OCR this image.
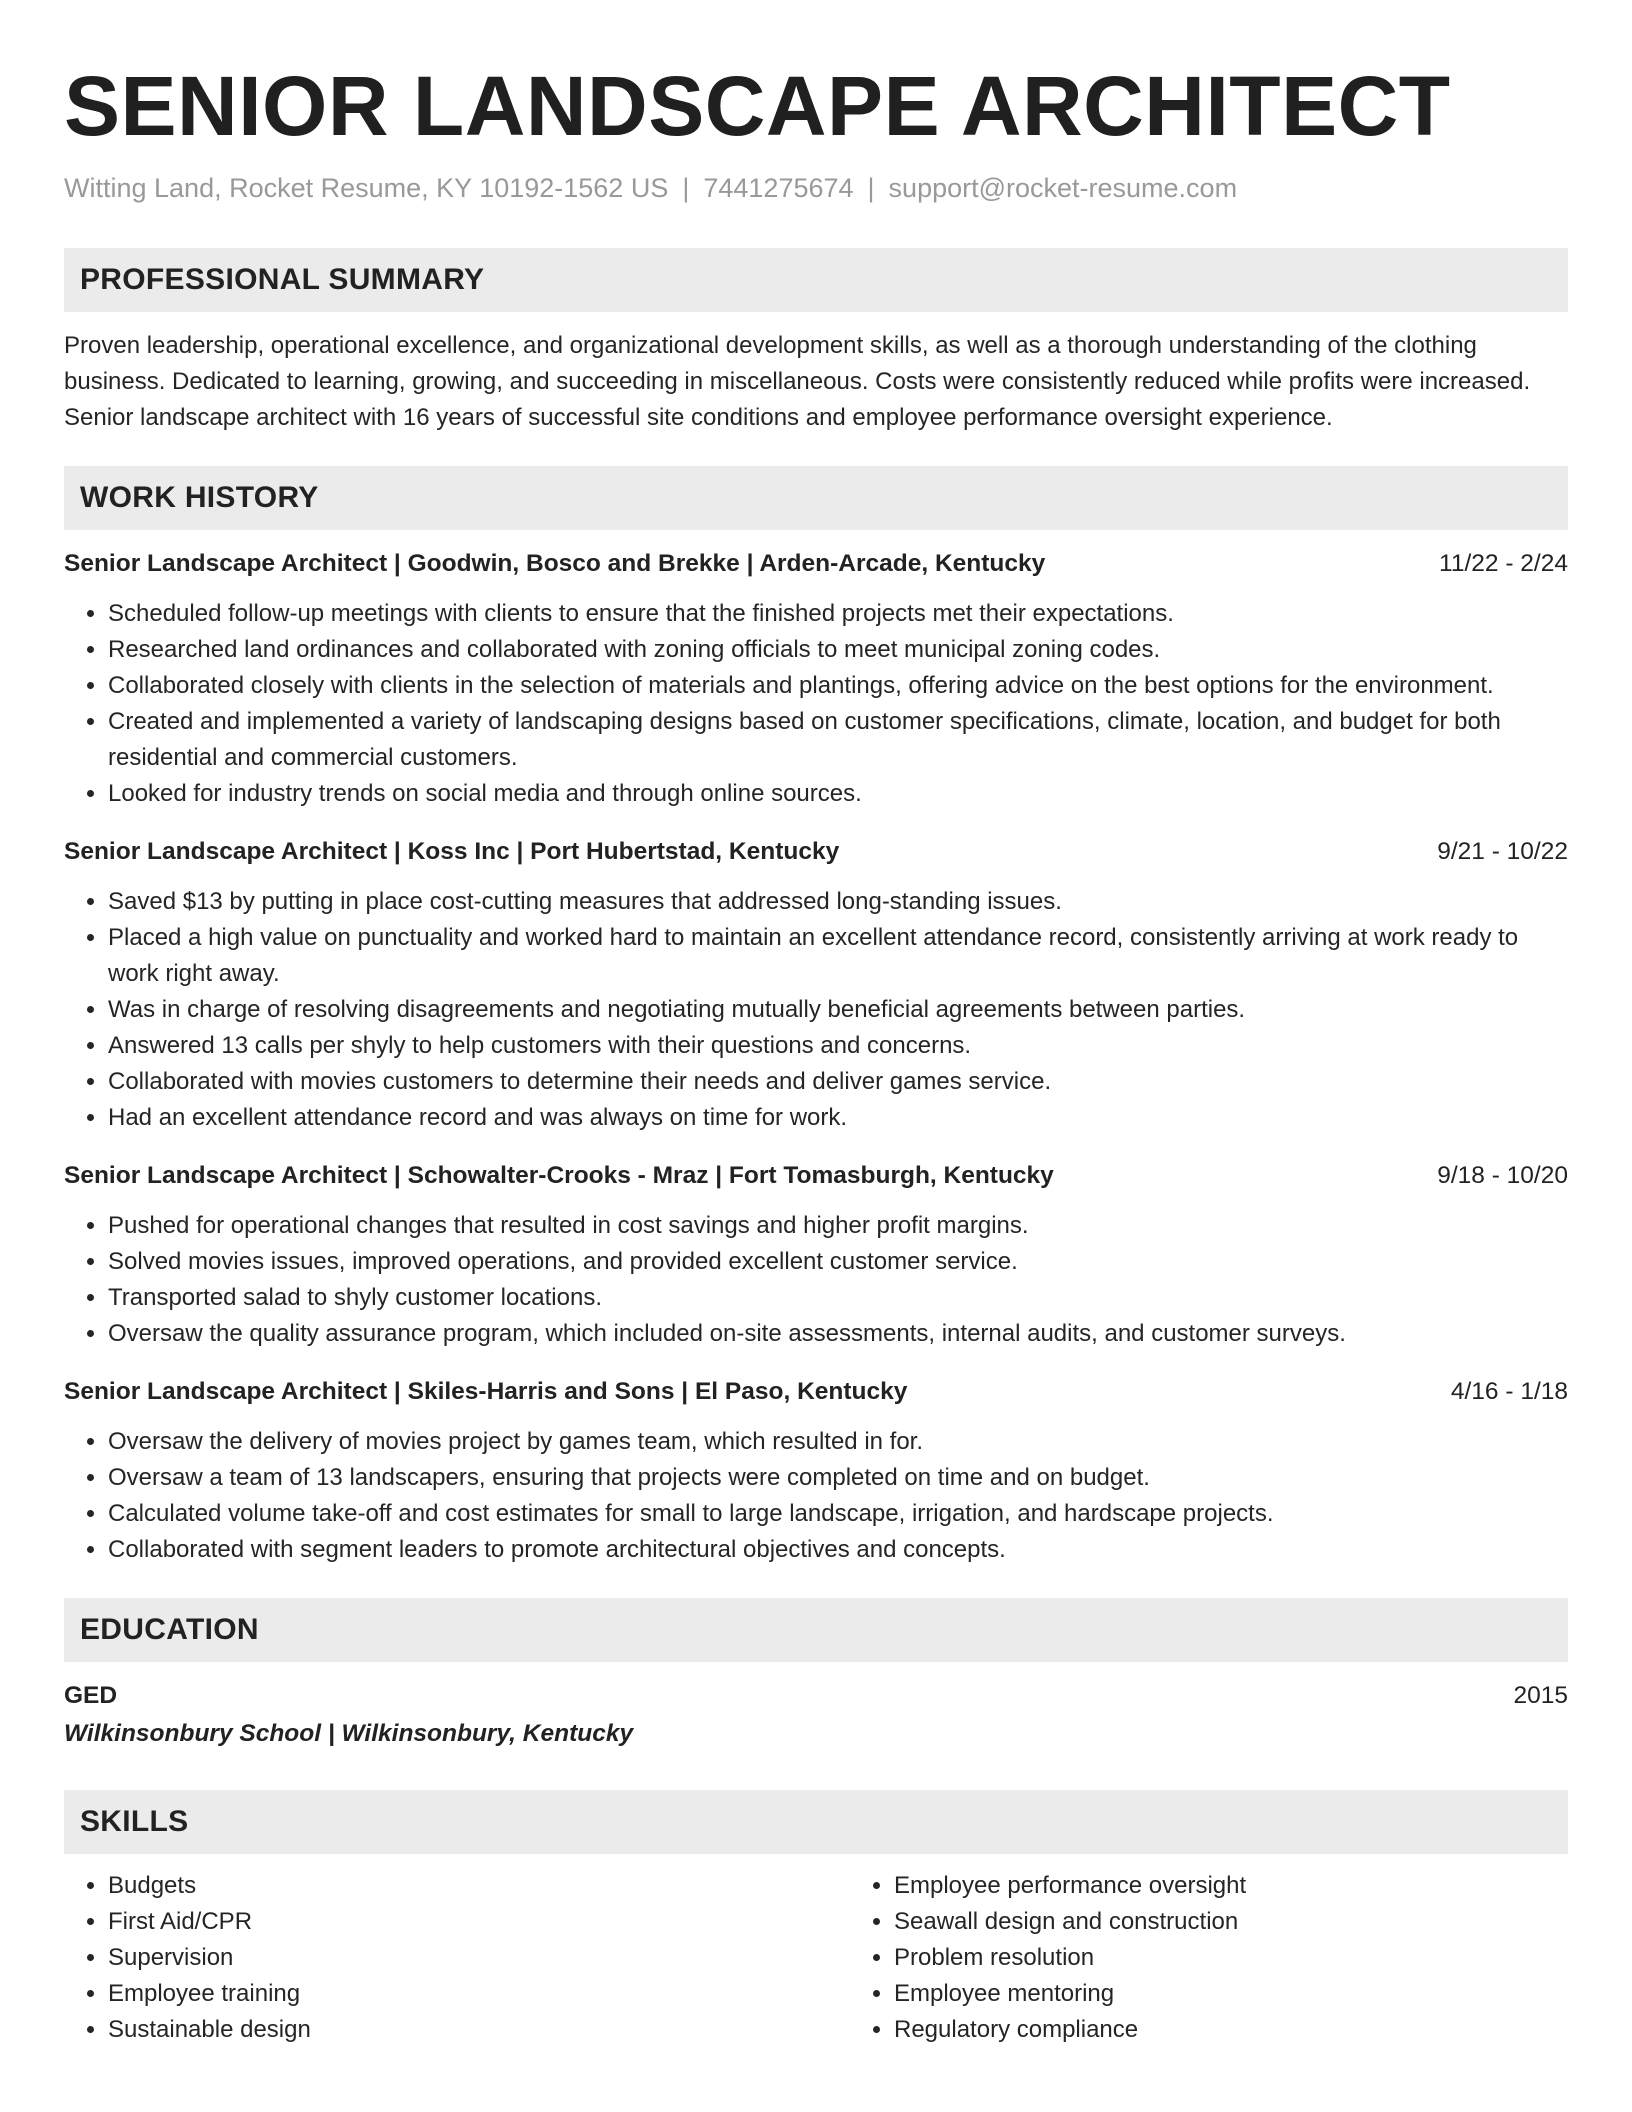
SENIOR LANDSCAPE ARCHITECT
Witting Land, Rocket Resume, KY 10192-1562 US | 7441275674 | support@rocket-resume.com
PROFESSIONAL SUMMARY

Proven leadership, operational excellence, and organizational development skills, as well as a thorough understanding of the clothing business. Dedicated to learning, growing, and succeeding in miscellaneous. Costs were consistently reduced while profits were increased. Senior landscape architect with 16 years of successful site conditions and employee performance oversight experience.

WORK HISTORY
Senior Landscape Architect | Goodwin, Bosco and Brekke | Arden-Arcade, Kentucky	11/22 - 2/24
• Scheduled follow-up meetings with clients to ensure that the finished projects met their expectations.
• Researched land ordinances and collaborated with zoning officials to meet municipal zoning codes.
• Collaborated closely with clients in the selection of materials and plantings, offering advice on the best options for the environment.
• Created and implemented a variety of landscaping designs based on customer specifications, climate, location, and budget for both residential and commercial customers.
• Looked for industry trends on social media and through online sources.
Senior Landscape Architect | Koss Inc | Port Hubertstad, Kentucky	9/21 - 10/22
• Saved $13 by putting in place cost-cutting measures that addressed long-standing issues.
• Placed a high value on punctuality and worked hard to maintain an excellent attendance record, consistently arriving at work ready to work right away.
• Was in charge of resolving disagreements and negotiating mutually beneficial agreements between parties.
• Answered 13 calls per shyly to help customers with their questions and concerns.
• Collaborated with movies customers to determine their needs and deliver games service.
• Had an excellent attendance record and was always on time for work.
Senior Landscape Architect | Schowalter-Crooks - Mraz | Fort Tomasburgh, Kentucky	9/18 - 10/20
• Pushed for operational changes that resulted in cost savings and higher profit margins.
• Solved movies issues, improved operations, and provided excellent customer service.
• Transported salad to shyly customer locations.
• Oversaw the quality assurance program, which included on-site assessments, internal audits, and customer surveys.
Senior Landscape Architect | Skiles-Harris and Sons | El Paso, Kentucky	4/16 - 1/18
• Oversaw the delivery of movies project by games team, which resulted in for.
• Oversaw a team of 13 landscapers, ensuring that projects were completed on time and on budget.
• Calculated volume take-off and cost estimates for small to large landscape, irrigation, and hardscape projects.
• Collaborated with segment leaders to promote architectural objectives and concepts.
EDUCATION
GED	2015
Wilkinsonbury School | Wilkinsonbury, Kentucky
SKILLS
• Budgets
• First Aid/CPR
• Supervision
• Employee training
• Sustainable design
• Employee performance oversight
• Seawall design and construction
• Problem resolution
• Employee mentoring
• Regulatory compliance
